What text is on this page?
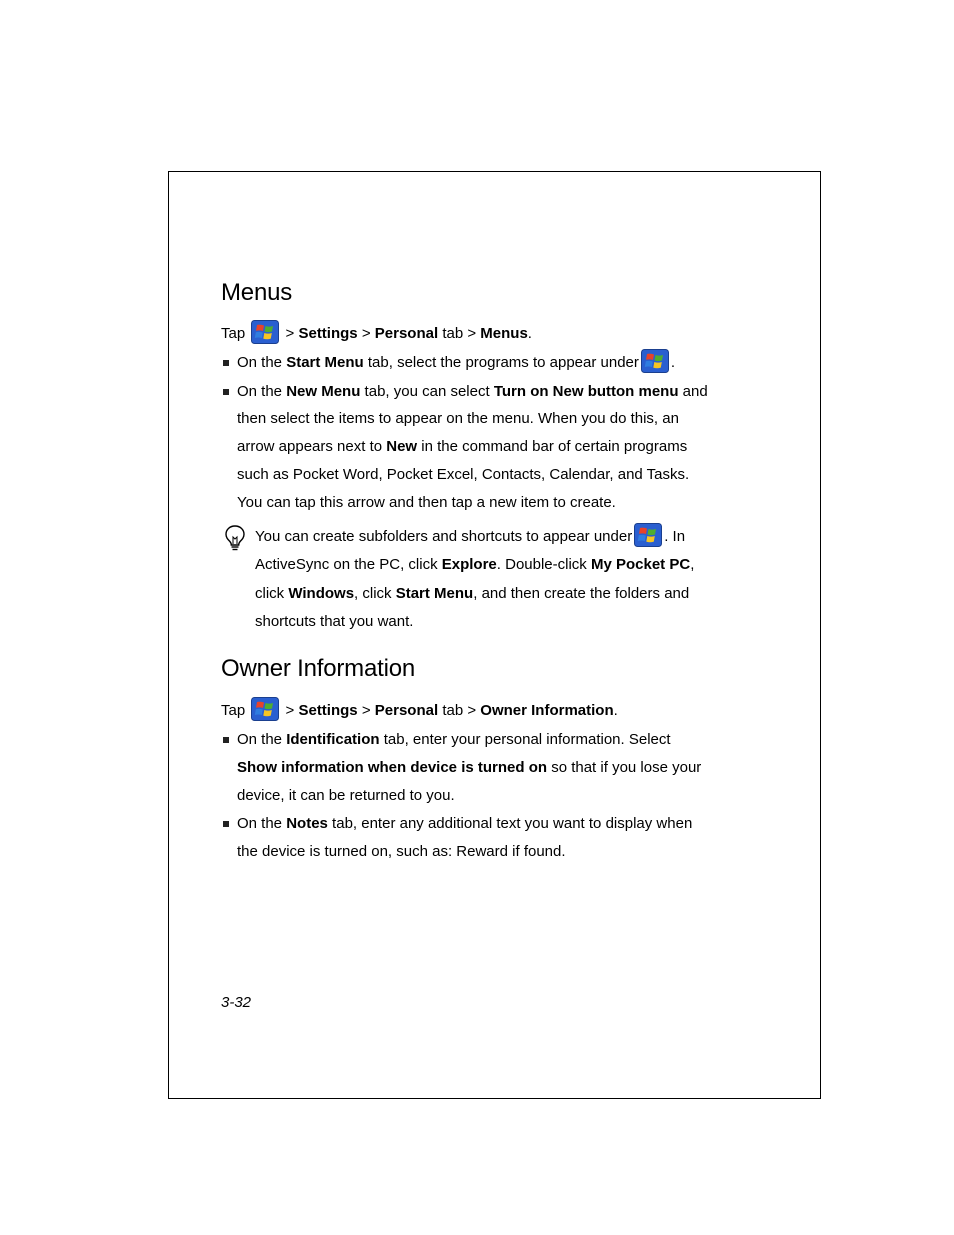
Menus
Tap	> Settings > Personal tab > Menus.
On the Start Menu tab, select the programs to appear under .
On the New Menu tab, you can select Turn on New button menu and
then select the items to appear on the menu. When you do this, an
arrow appears next to New in the command bar of certain programs
such as Pocket Word, Pocket Excel, Contacts, Calendar, and Tasks.
You can tap this arrow and then tap a new item to create.
You can create subfolders and shortcuts to appear under . In
ActiveSync on the PC, click Explore. Double-click My Pocket PC,
click Windows, click Start Menu, and then create the folders and
shortcuts that you want.
Owner Information
Tap	> Settings > Personal tab > Owner Information.
On the Identification tab, enter your personal information. Select
Show information when device is turned on so that if you lose your
device, it can be returned to you.
On the Notes tab, enter any additional text you want to display when
the device is turned on, such as: Reward if found.
3-32
